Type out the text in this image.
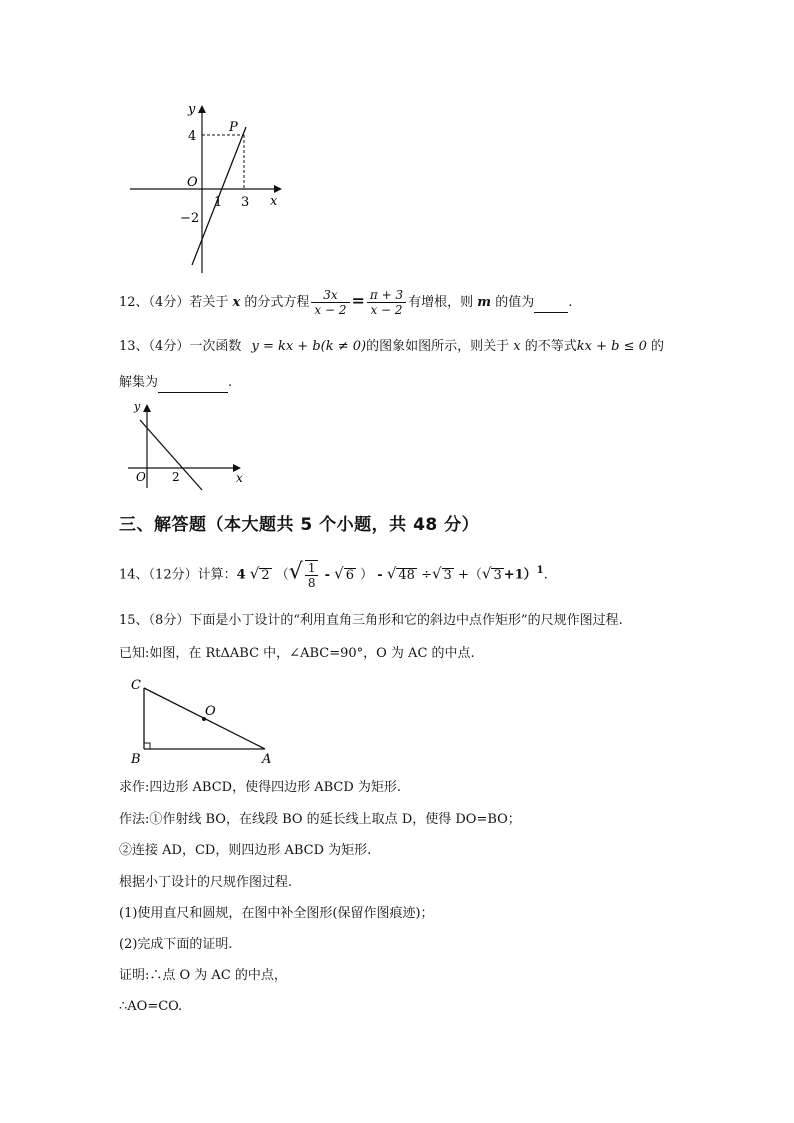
y
x
O
P
4
−2
1 3
12、（4分）若关于 x 的分式方程 $\frac{3x}{x - 2} = \frac{\pi + 3}{x - 2}$ 有增根，则 m 的值为	.
13、（4分）一次函数 y = kx + b(k ≠ 0)的图象如图所示，则关于 x 的不等式kx + b ≤ 0 的
解集为	.
y
x
O 2
三、解答题（本大题共 5 个小题，共 48 分）
14、（12分）计算：4 √ 2 （√ $\frac{1}{8}$ - √ 6 ） - √ 48 ÷√ 3 +（√ 3 +1）$^1$.
15、（8分）下面是小丁设计的“利用直角三角形和它的斜边中点作矩形”的尺规作图过程.
已知:如图，在 RtΔABC 中，∠ABC=90°，O 为 AC 的中点.
C
B	A
O
求作:四边形 ABCD，使得四边形 ABCD 为矩形.
作法:①作射线 BO，在线段 BO 的延长线上取点 D，使得 DO=BO；
②连接 AD，CD，则四边形 ABCD 为矩形.
根据小丁设计的尺规作图过程.
(1)使用直尺和圆规，在图中补全图形(保留作图痕迹)；
(2)完成下面的证明.
证明:∴点 O 为 AC 的中点，
∴AO=CO.
